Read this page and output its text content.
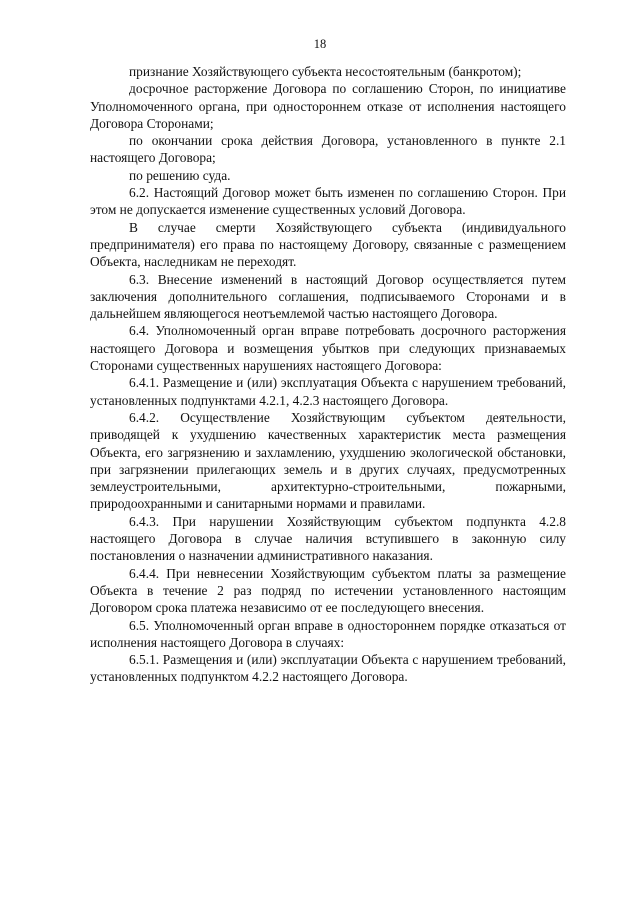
18

признание Хозяйствующего субъекта несостоятельным (банкротом);

досрочное расторжение Договора по соглашению Сторон, по инициативе Уполномоченного органа, при одностороннем отказе от исполнения настоящего Договора Сторонами;

по окончании срока действия Договора, установленного в пункте 2.1 настоящего Договора;

по решению суда.

6.2. Настоящий Договор может быть изменен по соглашению Сторон. При этом не допускается изменение существенных условий Договора.

В случае смерти Хозяйствующего субъекта (индивидуального предпринимателя) его права по настоящему Договору, связанные с размещением Объекта, наследникам не переходят.

6.3. Внесение изменений в настоящий Договор осуществляется путем заключения дополнительного соглашения, подписываемого Сторонами и в дальнейшем являющегося неотъемлемой частью настоящего Договора.

6.4. Уполномоченный орган вправе потребовать досрочного расторжения настоящего Договора и возмещения убытков при следующих признаваемых Сторонами существенных нарушениях настоящего Договора:

6.4.1. Размещение и (или) эксплуатация Объекта с нарушением требований, установленных подпунктами 4.2.1, 4.2.3 настоящего Договора.

6.4.2. Осуществление Хозяйствующим субъектом деятельности, приводящей к ухудшению качественных характеристик места размещения Объекта, его загрязнению и захламлению, ухудшению экологической обстановки, при загрязнении прилегающих земель и в других случаях, предусмотренных землеустроительными, архитектурно-строительными, пожарными, природоохранными и санитарными нормами и правилами.

6.4.3. При нарушении Хозяйствующим субъектом подпункта 4.2.8 настоящего Договора в случае наличия вступившего в законную силу постановления о назначении административного наказания.

6.4.4. При невнесении Хозяйствующим субъектом платы за размещение Объекта в течение 2 раз подряд по истечении установленного настоящим Договором срока платежа независимо от ее последующего внесения.

6.5. Уполномоченный орган вправе в одностороннем порядке отказаться от исполнения настоящего Договора в случаях:

6.5.1. Размещения и (или) эксплуатации Объекта с нарушением требований, установленных подпунктом 4.2.2 настоящего Договора.
